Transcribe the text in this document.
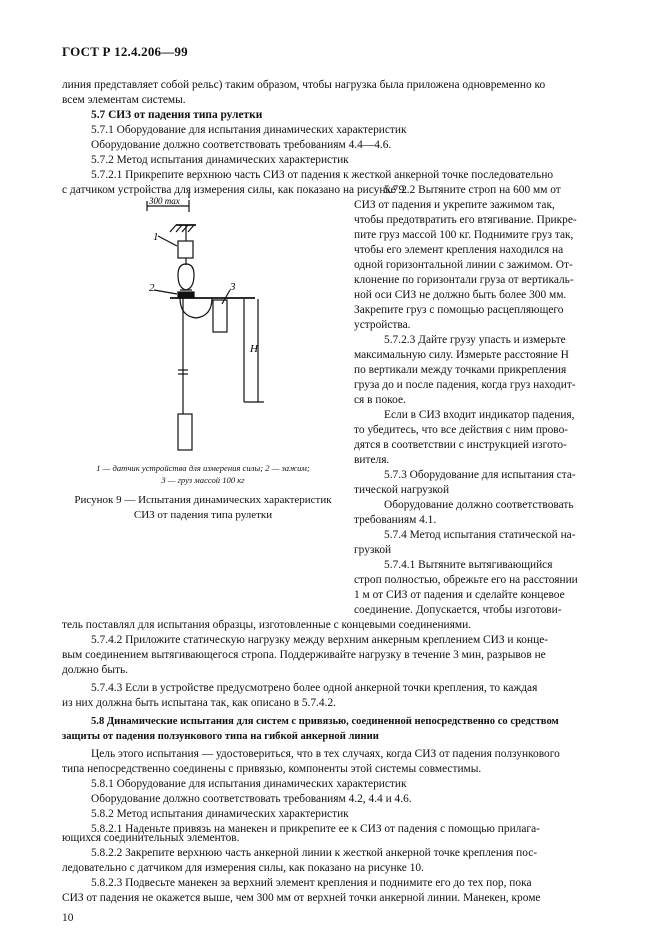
ГОСТ Р 12.4.206—99

линия представляет собой рельс) таким образом, чтобы нагрузка была приложена одновременно ко

всем элементам системы.

5.7 СИЗ от падения типа рулетки

5.7.1 Оборудование для испытания динамических характеристик

Оборудование должно соответствовать требованиям 4.4—4.6.

5.7.2 Метод испытания динамических характеристик

5.7.2.1 Прикрепите верхнюю часть СИЗ от падения к жесткой анкерной точке последовательно

с датчиком устройства для измерения силы, как показано на рисунке 9.

300 max
1
2	3
H
1 — датчик устройства для измерения силы; 2 — зажим;
3 — груз массой 100 кг
Рисунок 9 — Испытания динамических характеристик
СИЗ от падения типа рулетки

5.7.2.2 Вытяните строп на 600 мм от

СИЗ от падения и укрепите зажимом так,

чтобы предотвратить его втягивание. Прикре-

пите груз массой 100 кг. Поднимите груз так,

чтобы его элемент крепления находился на

одной горизонтальной линии с зажимом. От-

клонение по горизонтали груза от вертикаль-

ной оси СИЗ не должно быть более 300 мм.

Закрепите груз с помощью расцепляющего

устройства.

5.7.2.3 Дайте грузу упасть и измерьте

максимальную силу. Измерьте расстояние H

по вертикали между точками прикрепления

груза до и после падения, когда груз находит-

ся в покое.

Если в СИЗ входит индикатор падения,

то убедитесь, что все действия с ним прово-

дятся в соответствии с инструкцией изгото-

вителя.

5.7.3 Оборудование для испытания ста-

тической нагрузкой

Оборудование должно соответствовать

требованиям 4.1.

5.7.4 Метод испытания статической на-

грузкой

5.7.4.1 Вытяните вытягивающийся

строп полностью, обрежьте его на расстоянии

1 м от СИЗ от падения и сделайте концевое

соединение. Допускается, чтобы изготови-

тель поставлял для испытания образцы, изготовленные с концевыми соединениями.

5.7.4.2 Приложите статическую нагрузку между верхним анкерным креплением СИЗ и конце-

вым соединением вытягивающегося стропа. Поддерживайте нагрузку в течение 3 мин, разрывов не

должно быть.

5.7.4.3 Если в устройстве предусмотрено более одной анкерной точки крепления, то каждая

из них должна быть испытана так, как описано в 5.7.4.2.

5.8 Динамические испытания для систем с привязью, соединенной непосредственно со средством

защиты от падения ползункового типа на гибкой анкерной линии

Цель этого испытания — удостовериться, что в тех случаях, когда СИЗ от падения ползункового

типа непосредственно соединены с привязью, компоненты этой системы совместимы.

5.8.1 Оборудование для испытания динамических характеристик

Оборудование должно соответствовать требованиям 4.2, 4.4 и 4.6.

5.8.2 Метод испытания динамических характеристик

5.8.2.1 Наденьте привязь на манекен и прикрепите ее к СИЗ от падения с помощью прилага-

ющихся соединительных элементов.

5.8.2.2 Закрепите верхнюю часть анкерной линии к жесткой анкерной точке крепления пос-

ледовательно с датчиком для измерения силы, как показано на рисунке 10.

5.8.2.3 Подвесьте манекен за верхний элемент крепления и поднимите его до тех пор, пока

СИЗ от падения не окажется выше, чем 300 мм от верхней точки анкерной линии. Манекен, кроме

10
